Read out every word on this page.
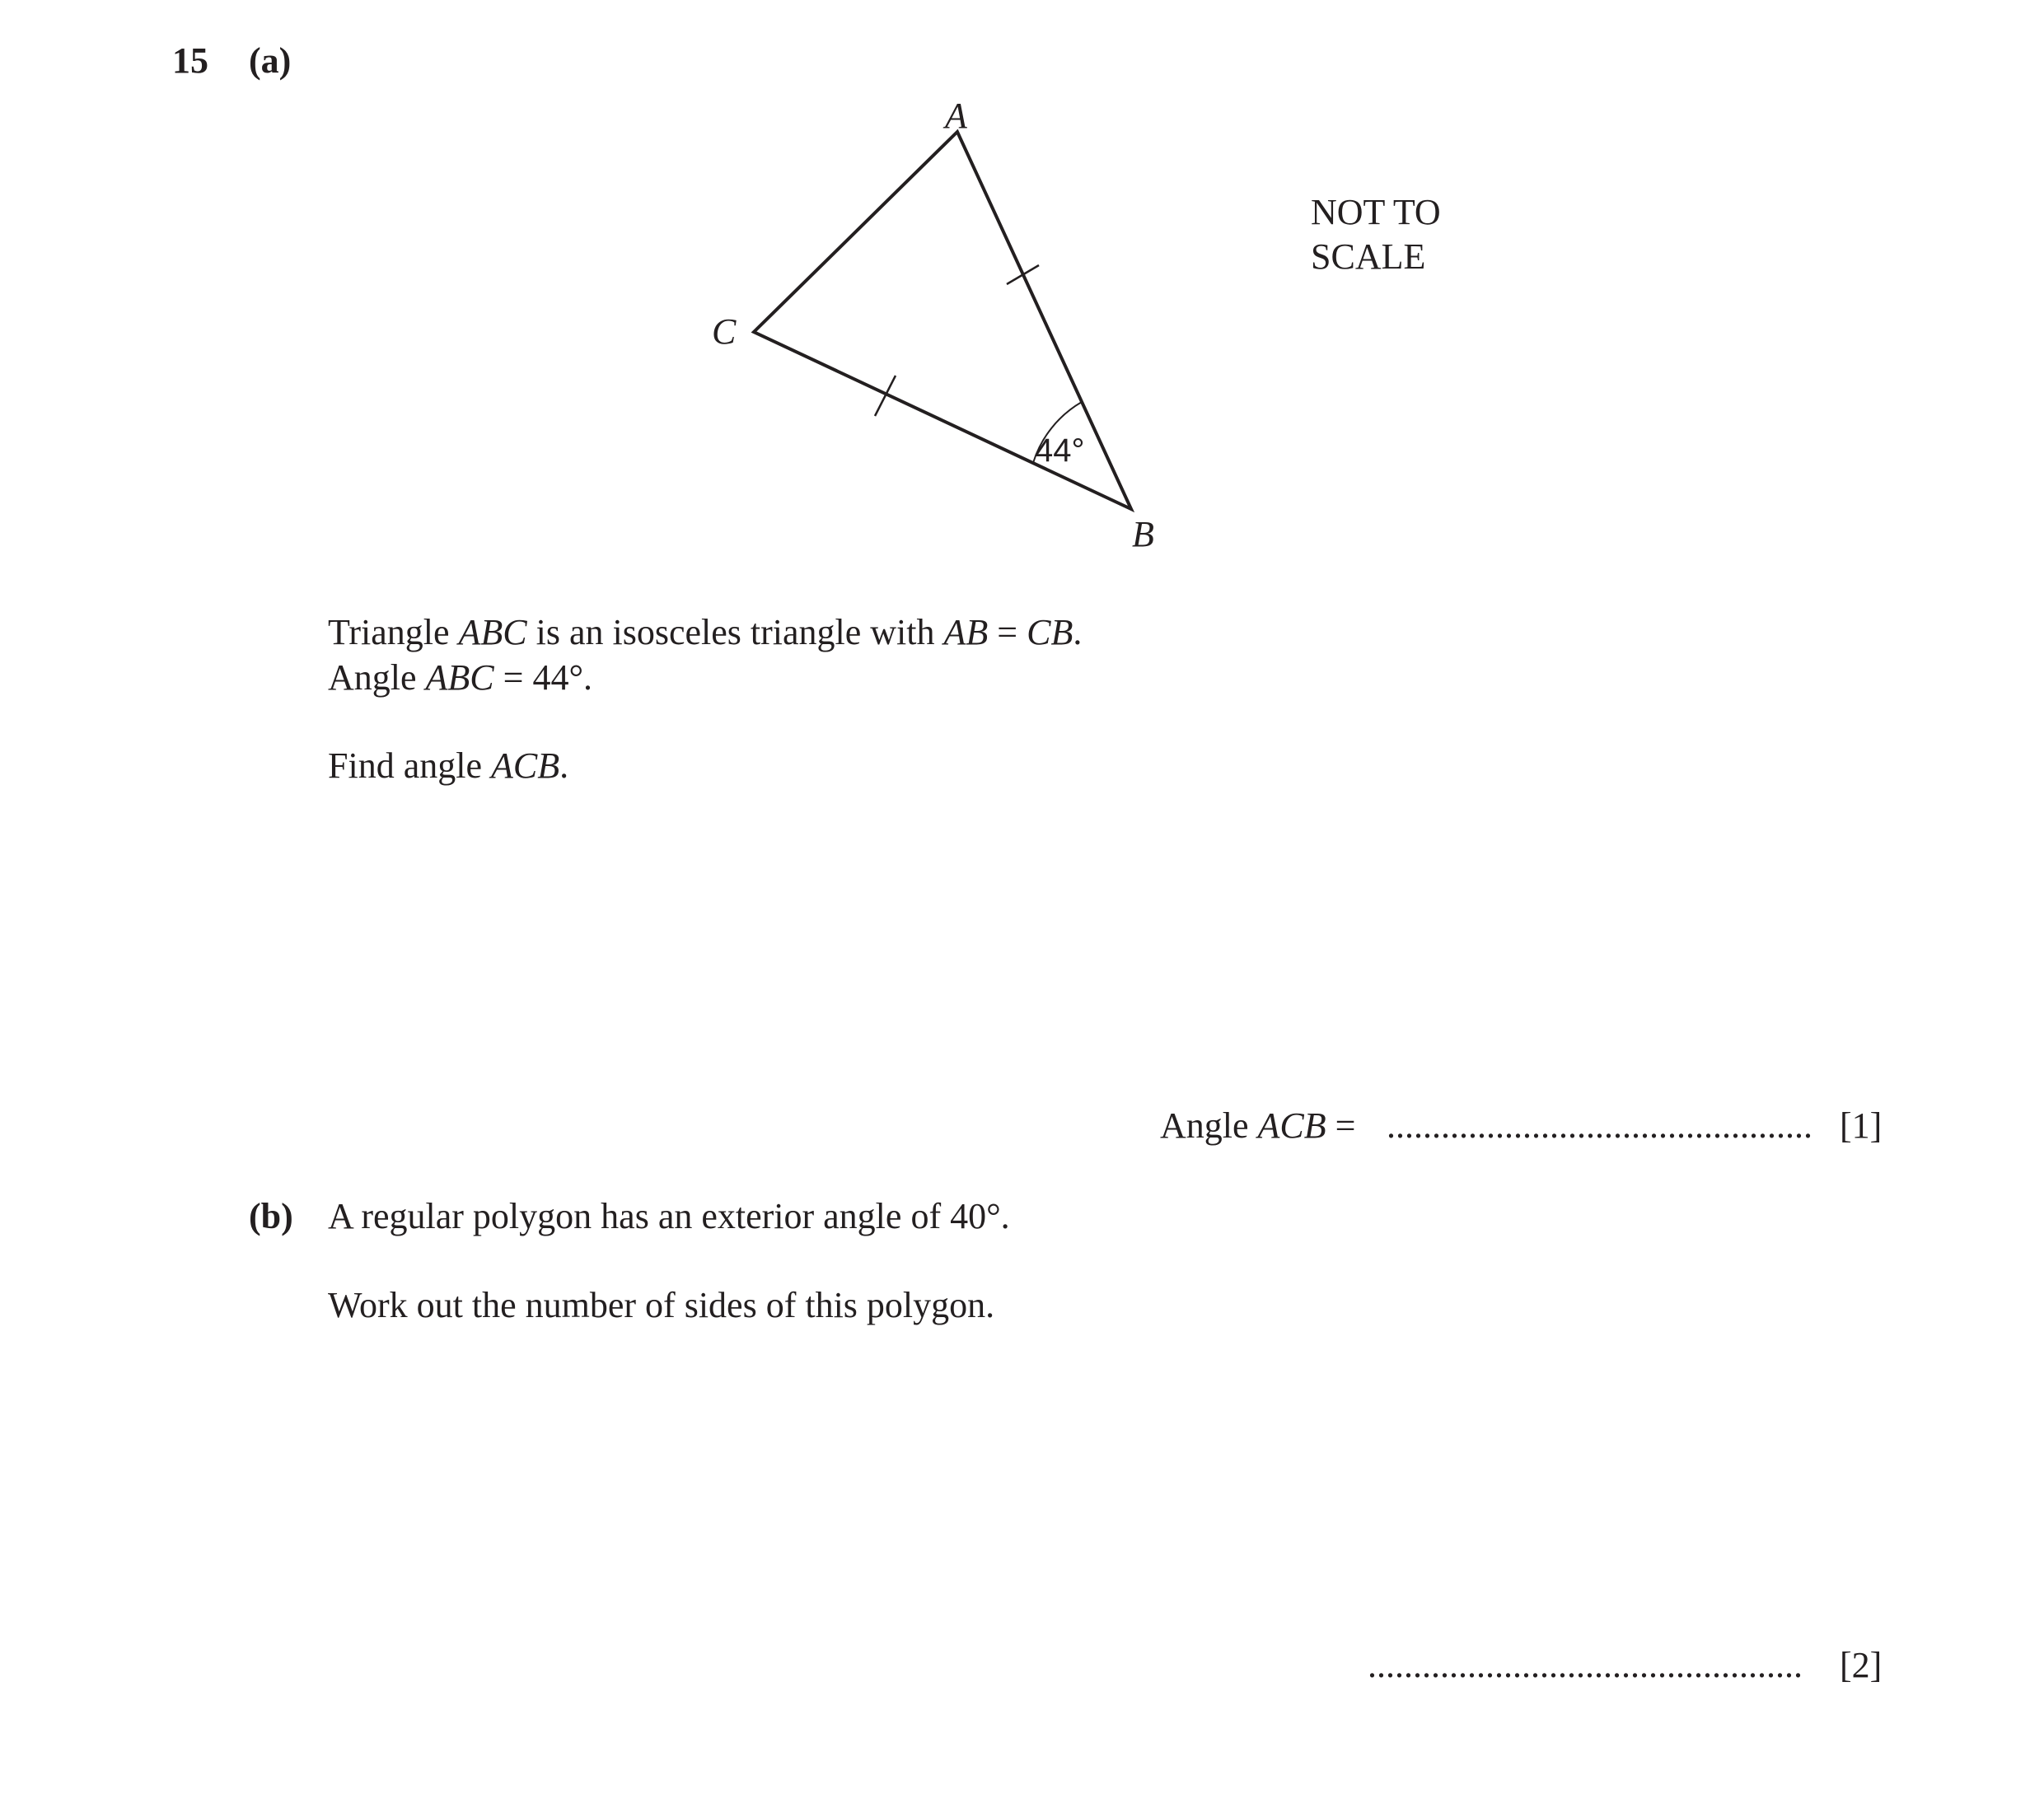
15 (a)
A
C
B
44°
NOT TO
SCALE
Triangle ABC is an isosceles triangle with AB = CB.
Angle ABC = 44°.
Find angle ACB.
Angle ACB = ............................................... [1]
(b) A regular polygon has an exterior angle of 40°.
Work out the number of sides of this polygon.
................................................	[2]
